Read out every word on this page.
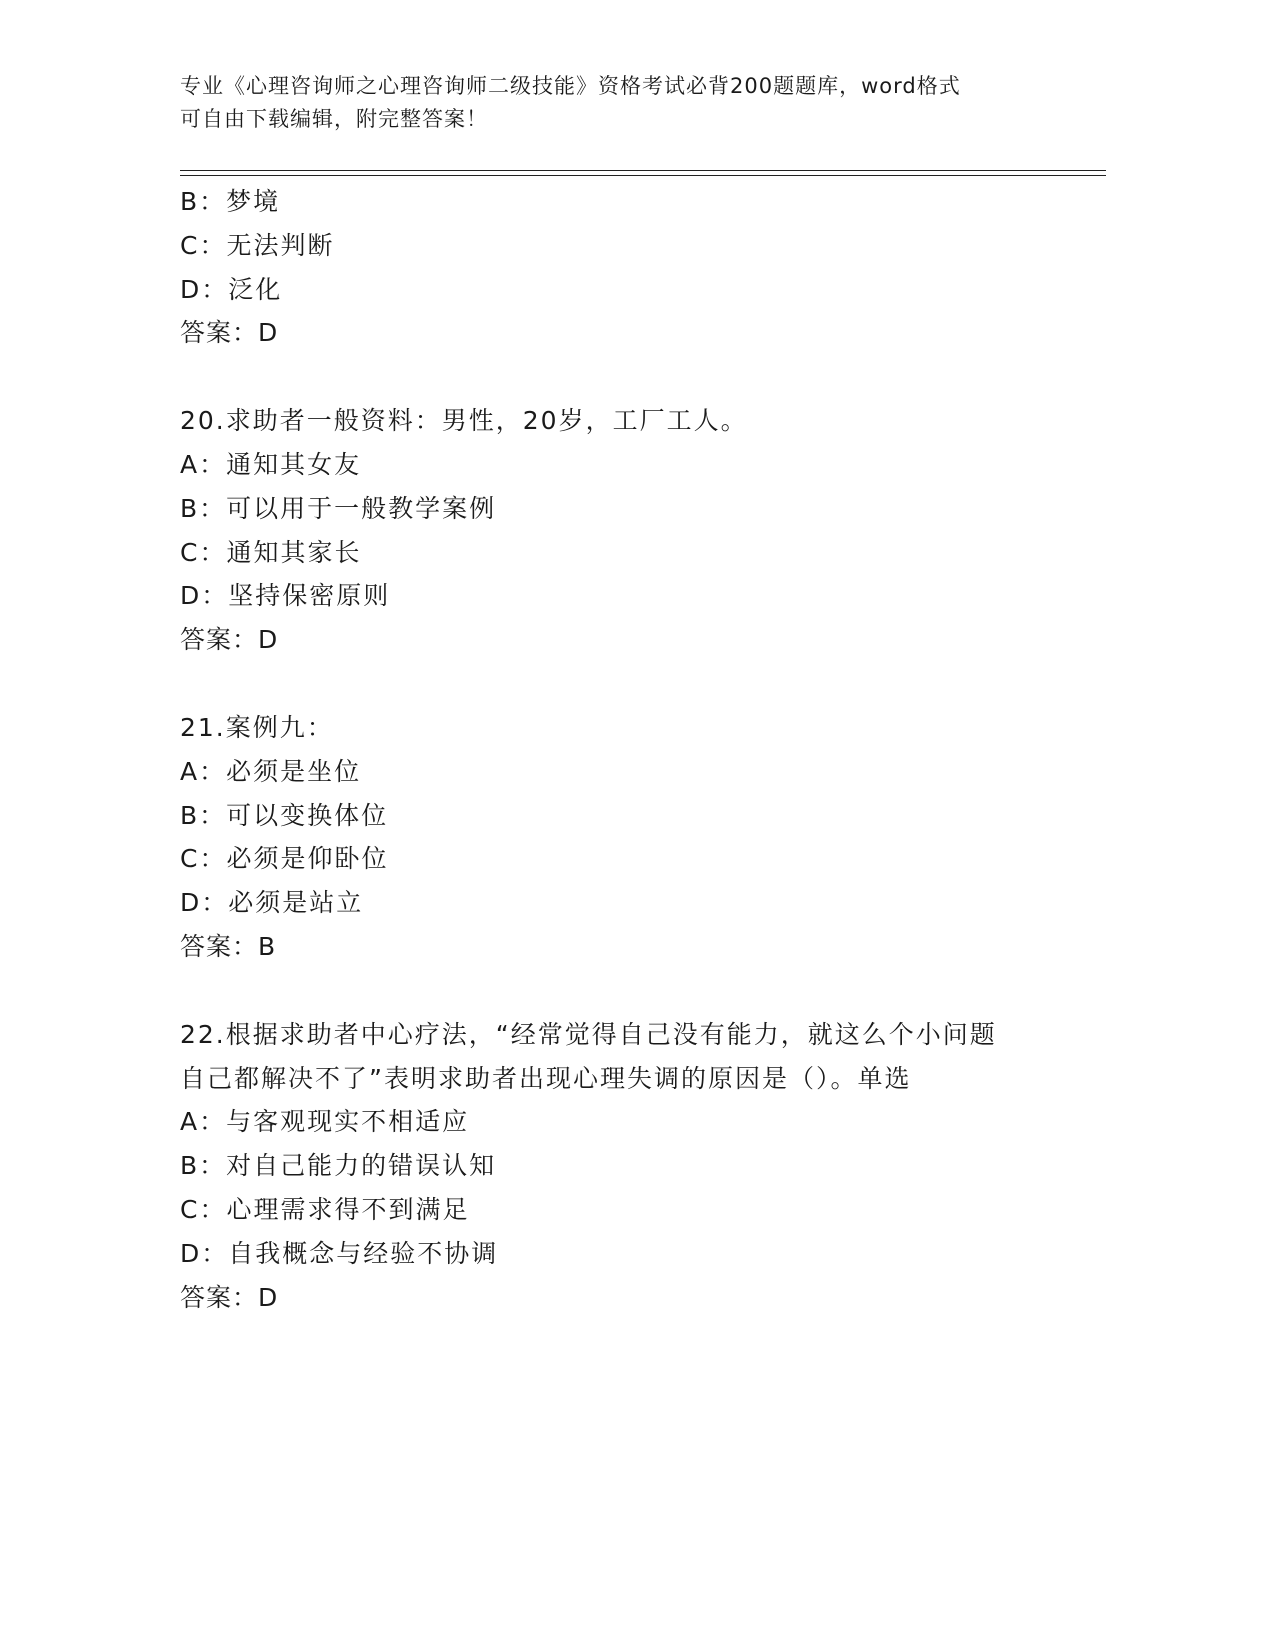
专业《心理咨询师之心理咨询师二级技能》资格考试必背200题题库，word格式
可自由下载编辑，附完整答案！
B：梦境
C：无法判断
D：泛化
答案：D
20.求助者一般资料：男性，20岁，工厂工人。
A：通知其女友
B：可以用于一般教学案例
C：通知其家长
D：坚持保密原则
答案：D
21.案例九：
A：必须是坐位
B：可以变换体位
C：必须是仰卧位
D：必须是站立
答案：B
22.根据求助者中心疗法，“经常觉得自己没有能力，就这么个小问题
自己都解决不了”表明求助者出现心理失调的原因是（）。单选
A：与客观现实不相适应
B：对自己能力的错误认知
C：心理需求得不到满足
D：自我概念与经验不协调
答案：D
